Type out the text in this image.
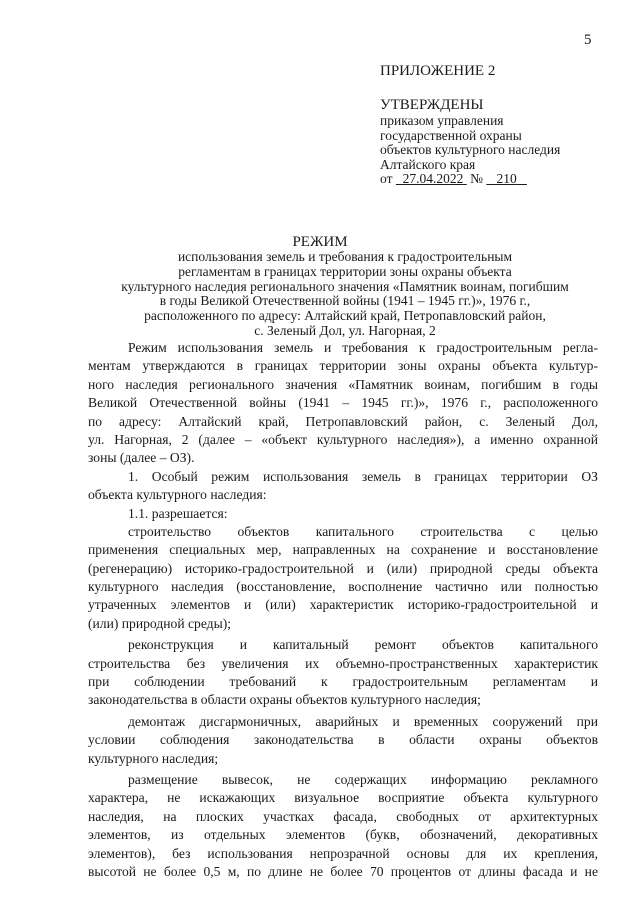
5
ПРИЛОЖЕНИЕ 2
УТВЕРЖДЕНЫ
приказом управления
государственной охраны
объектов культурного наследия
Алтайского края
от 27.04.2022 № 210
РЕЖИМ
использования земель и требования к градостроительным
регламентам в границах территории зоны охраны объекта
культурного наследия регионального значения «Памятник воинам, погибшим
в годы Великой Отечественной войны (1941 – 1945 гг.)», 1976 г.,
расположенного по адресу: Алтайский край, Петропавловский район,
с. Зеленый Дол, ул. Нагорная, 2
Режим использования земель и требования к градостроительным регла-
ментам утверждаются в границах территории зоны охраны объекта культур-
ного наследия регионального значения «Памятник воинам, погибшим в годы
Великой Отечественной войны (1941 – 1945 гг.)», 1976 г., расположенного
по адресу: Алтайский край, Петропавловский район, с. Зеленый Дол,
ул. Нагорная, 2 (далее – «объект культурного наследия»), а именно охранной
зоны (далее – ОЗ).
1. Особый режим использования земель в границах территории ОЗ
объекта культурного наследия:
1.1. разрешается:
строительство объектов капитального строительства с целью
применения специальных мер, направленных на сохранение и восстановление
(регенерацию) историко-градостроительной и (или) природной среды объекта
культурного наследия (восстановление, восполнение частично или полностью
утраченных элементов и (или) характеристик историко-градостроительной и
(или) природной среды);
реконструкция и капитальный ремонт объектов капитального
строительства без увеличения их объемно-пространственных характеристик
при соблюдении требований к градостроительным регламентам и
законодательства в области охраны объектов культурного наследия;
демонтаж дисгармоничных, аварийных и временных сооружений при
условии соблюдения законодательства в области охраны объектов
культурного наследия;
размещение вывесок, не содержащих информацию рекламного
характера, не искажающих визуальное восприятие объекта культурного
наследия, на плоских участках фасада, свободных от архитектурных
элементов, из отдельных элементов (букв, обозначений, декоративных
элементов), без использования непрозрачной основы для их крепления,
высотой не более 0,5 м, по длине не более 70 процентов от длины фасада и не
